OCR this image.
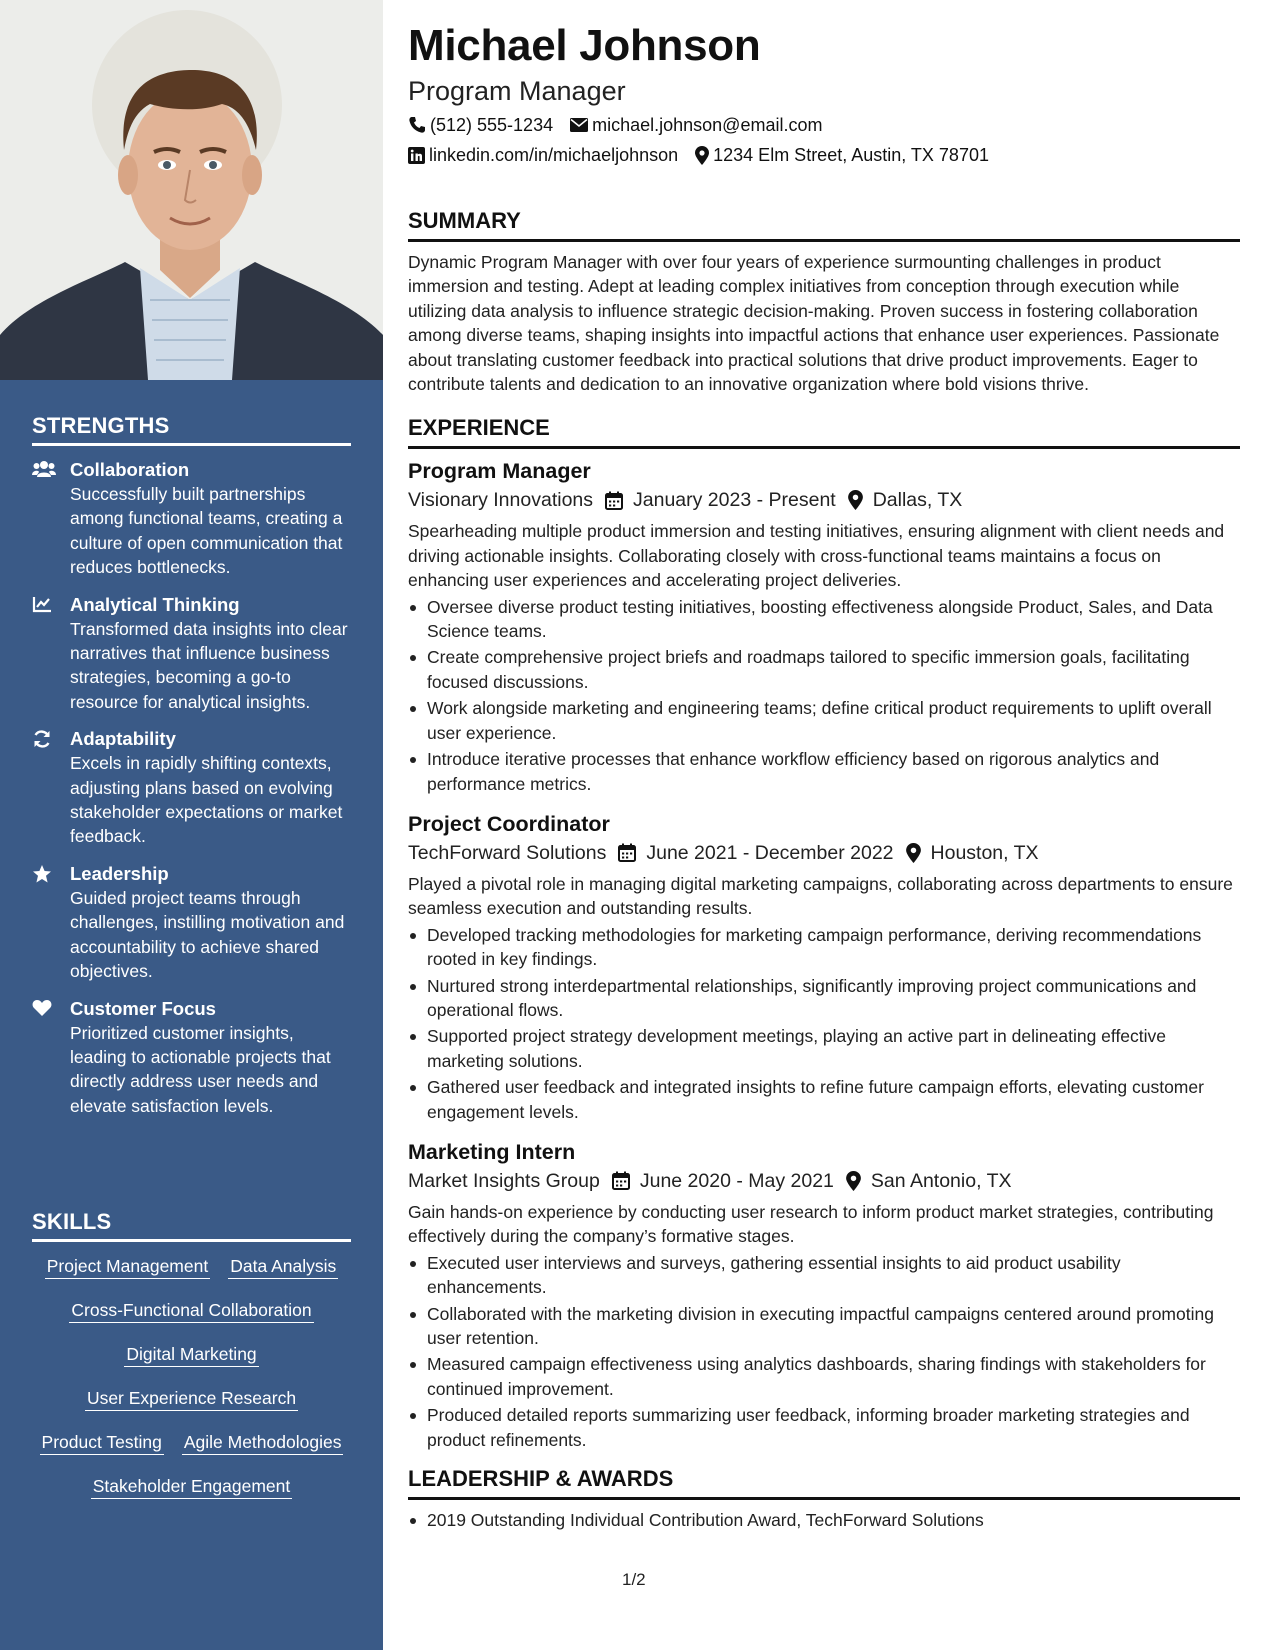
STRENGTHS
Collaboration
Successfully built partnerships among functional teams, creating a culture of open communication that reduces bottlenecks.
Analytical Thinking
Transformed data insights into clear narratives that influence business strategies, becoming a go-to resource for analytical insights.
Adaptability
Excels in rapidly shifting contexts, adjusting plans based on evolving stakeholder expectations or market feedback.
Leadership
Guided project teams through challenges, instilling motivation and accountability to achieve shared objectives.
Customer Focus
Prioritized customer insights, leading to actionable projects that directly address user needs and elevate satisfaction levels.
SKILLS
Project Management Data Analysis
Cross-Functional Collaboration
Digital Marketing
User Experience Research
Product Testing Agile Methodologies
Stakeholder Engagement
Michael Johnson
Program Manager
(512) 555-1234 michael.johnson@email.com
linkedin.com/in/michaeljohnson 1234 Elm Street, Austin, TX 78701
SUMMARY
Dynamic Program Manager with over four years of experience surmounting challenges in product immersion and testing. Adept at leading complex initiatives from conception through execution while utilizing data analysis to influence strategic decision-making. Proven success in fostering collaboration among diverse teams, shaping insights into impactful actions that enhance user experiences. Passionate about translating customer feedback into practical solutions that drive product improvements. Eager to contribute talents and dedication to an innovative organization where bold visions thrive.
EXPERIENCE
Program Manager
Visionary Innovations January 2023 - Present Dallas, TX
Spearheading multiple product immersion and testing initiatives, ensuring alignment with client needs and driving actionable insights. Collaborating closely with cross-functional teams maintains a focus on enhancing user experiences and accelerating project deliveries.
Oversee diverse product testing initiatives, boosting effectiveness alongside Product, Sales, and Data Science teams.
Create comprehensive project briefs and roadmaps tailored to specific immersion goals, facilitating focused discussions.
Work alongside marketing and engineering teams; define critical product requirements to uplift overall user experience.
Introduce iterative processes that enhance workflow efficiency based on rigorous analytics and performance metrics.
Project Coordinator
TechForward Solutions June 2021 - December 2022 Houston, TX
Played a pivotal role in managing digital marketing campaigns, collaborating across departments to ensure seamless execution and outstanding results.
Developed tracking methodologies for marketing campaign performance, deriving recommendations rooted in key findings.
Nurtured strong interdepartmental relationships, significantly improving project communications and operational flows.
Supported project strategy development meetings, playing an active part in delineating effective marketing solutions.
Gathered user feedback and integrated insights to refine future campaign efforts, elevating customer engagement levels.
Marketing Intern
Market Insights Group June 2020 - May 2021 San Antonio, TX
Gain hands-on experience by conducting user research to inform product market strategies, contributing effectively during the company’s formative stages.
Executed user interviews and surveys, gathering essential insights to aid product usability enhancements.
Collaborated with the marketing division in executing impactful campaigns centered around promoting user retention.
Measured campaign effectiveness using analytics dashboards, sharing findings with stakeholders for continued improvement.
Produced detailed reports summarizing user feedback, informing broader marketing strategies and product refinements.
LEADERSHIP & AWARDS
2019 Outstanding Individual Contribution Award, TechForward Solutions
1/2
